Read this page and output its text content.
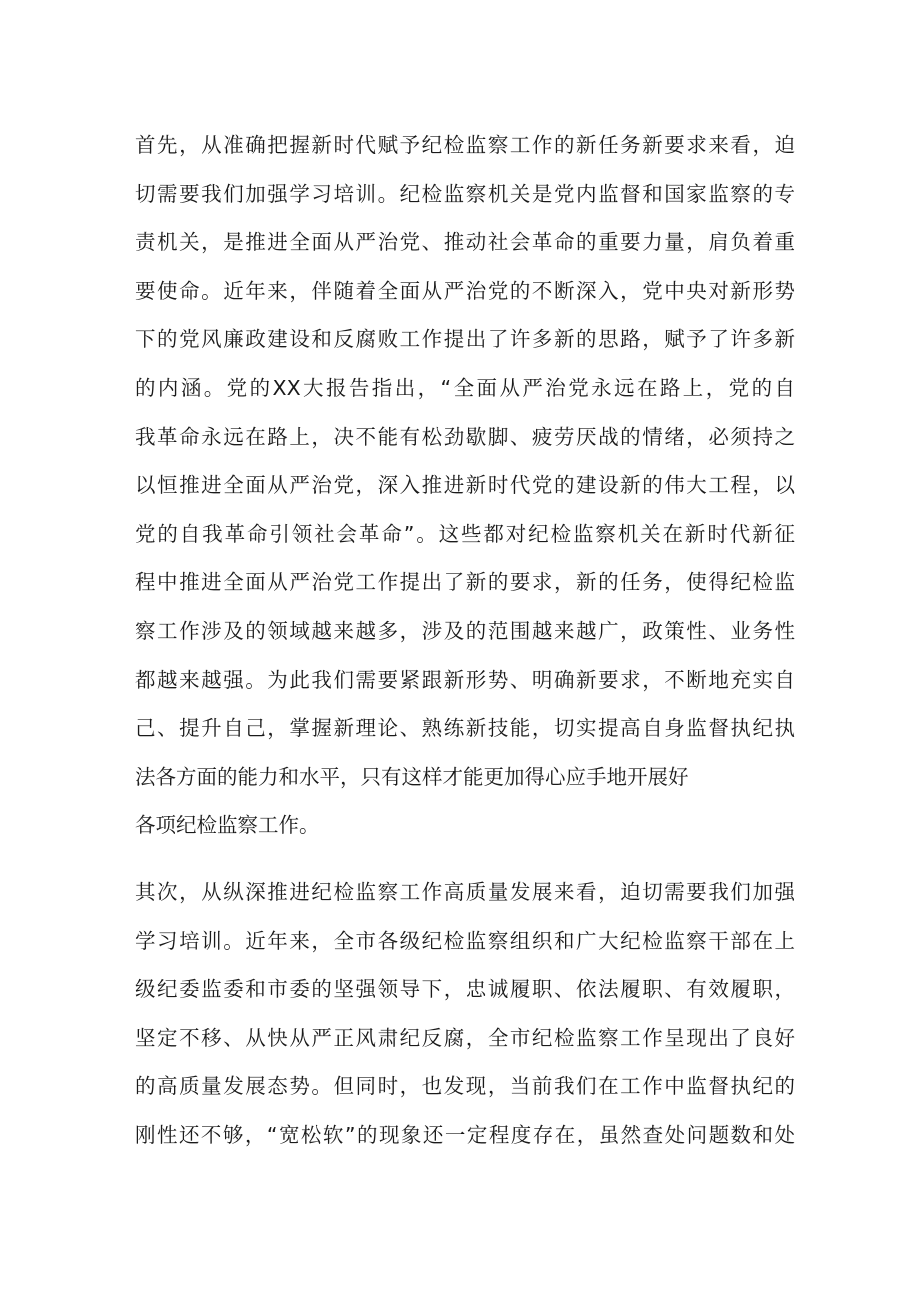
首先，从准确把握新时代赋予纪检监察工作的新任务新要求来看，迫
切需要我们加强学习培训。纪检监察机关是党内监督和国家监察的专
责机关，是推进全面从严治党、推动社会革命的重要力量，肩负着重
要使命。近年来，伴随着全面从严治党的不断深入，党中央对新形势
下的党风廉政建设和反腐败工作提出了许多新的思路，赋予了许多新
的内涵。党的XX大报告指出，“全面从严治党永远在路上，党的自
我革命永远在路上，决不能有松劲歇脚、疲劳厌战的情绪，必须持之
以恒推进全面从严治党，深入推进新时代党的建设新的伟大工程，以
党的自我革命引领社会革命”。这些都对纪检监察机关在新时代新征
程中推进全面从严治党工作提出了新的要求，新的任务，使得纪检监
察工作涉及的领域越来越多，涉及的范围越来越广，政策性、业务性
都越来越强。为此我们需要紧跟新形势、明确新要求，不断地充实自
己、提升自己，掌握新理论、熟练新技能，切实提高自身监督执纪执
法各方面的能力和水平，只有这样才能更加得心应手地开展好
各项纪检监察工作。
其次，从纵深推进纪检监察工作高质量发展来看，迫切需要我们加强
学习培训。近年来，全市各级纪检监察组织和广大纪检监察干部在上
级纪委监委和市委的坚强领导下，忠诚履职、依法履职、有效履职，
坚定不移、从快从严正风肃纪反腐，全市纪检监察工作呈现出了良好
的高质量发展态势。但同时，也发现，当前我们在工作中监督执纪的
刚性还不够，“宽松软”的现象还一定程度存在，虽然查处问题数和处
